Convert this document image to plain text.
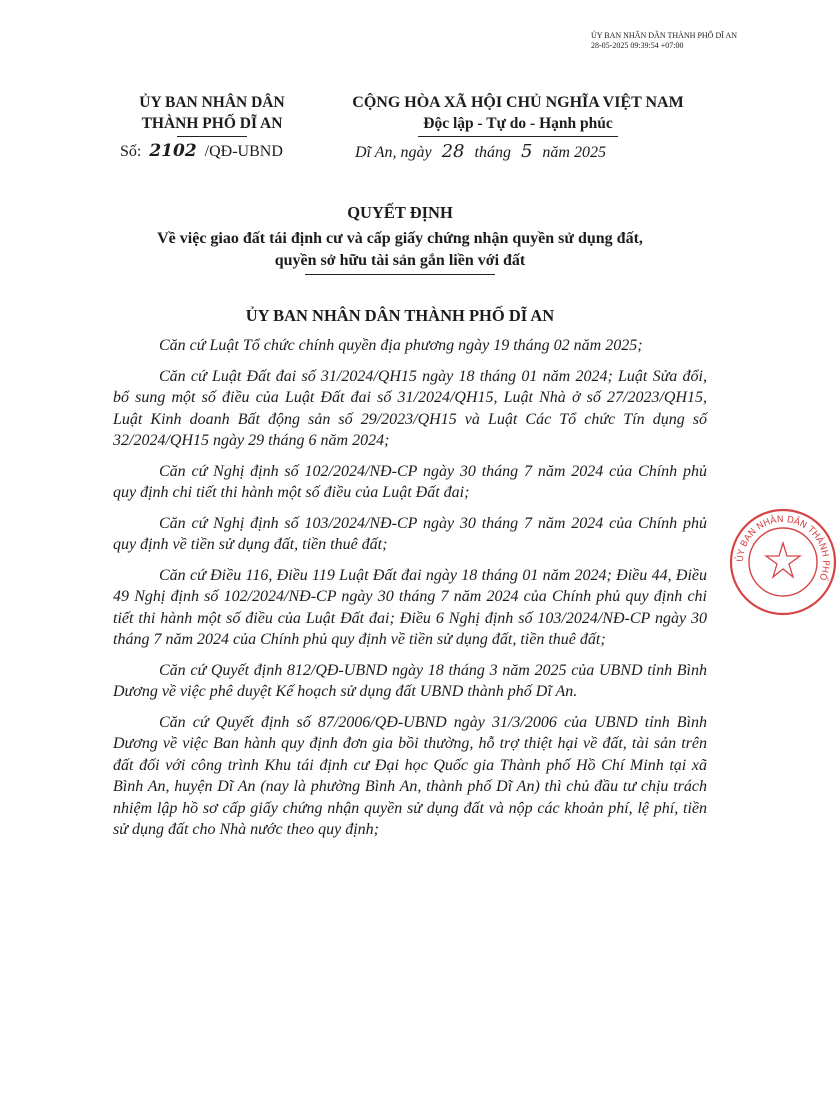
ỦY BAN NHÂN DÂN THÀNH PHỐ DĨ AN
28-05-2025 09:39:54 +07:00
ỦY BAN NHÂN DÂN
THÀNH PHỐ DĨ AN
CỘNG HÒA XÃ HỘI CHỦ NGHĨA VIỆT NAM
Độc lập - Tự do - Hạnh phúc
Số: 2102 /QĐ-UBND	Dĩ An, ngày 28 tháng 5 năm 2025
QUYẾT ĐỊNH
Về việc giao đất tái định cư và cấp giấy chứng nhận quyền sử dụng đất,
quyền sở hữu tài sản gắn liền với đất
ỦY BAN NHÂN DÂN THÀNH PHỐ DĨ AN

Căn cứ Luật Tổ chức chính quyền địa phương ngày 19 tháng 02 năm 2025;

Căn cứ Luật Đất đai số 31/2024/QH15 ngày 18 tháng 01 năm 2024; Luật Sửa đổi, bổ sung một số điều của Luật Đất đai số 31/2024/QH15, Luật Nhà ở số 27/2023/QH15, Luật Kinh doanh Bất động sản số 29/2023/QH15 và Luật Các Tổ chức Tín dụng số 32/2024/QH15 ngày 29 tháng 6 năm 2024;

Căn cứ Nghị định số 102/2024/NĐ-CP ngày 30 tháng 7 năm 2024 của Chính phủ quy định chi tiết thi hành một số điều của Luật Đất đai;

Căn cứ Nghị định số 103/2024/NĐ-CP ngày 30 tháng 7 năm 2024 của Chính phủ quy định về tiền sử dụng đất, tiền thuê đất;

Căn cứ Điều 116, Điều 119 Luật Đất đai ngày 18 tháng 01 năm 2024; Điều 44, Điều 49 Nghị định số 102/2024/NĐ-CP ngày 30 tháng 7 năm 2024 của Chính phủ quy định chi tiết thi hành một số điều của Luật Đất đai; Điều 6 Nghị định số 103/2024/NĐ-CP ngày 30 tháng 7 năm 2024 của Chính phủ quy định về tiền sử dụng đất, tiền thuê đất;

Căn cứ Quyết định 812/QĐ-UBND ngày 18 tháng 3 năm 2025 của UBND tỉnh Bình Dương về việc phê duyệt Kế hoạch sử dụng đất UBND thành phố Dĩ An.

Căn cứ Quyết định số 87/2006/QĐ-UBND ngày 31/3/2006 của UBND tỉnh Bình Dương về việc Ban hành quy định đơn gia bồi thường, hỗ trợ thiệt hại về đất, tài sản trên đất đối với công trình Khu tái định cư Đại học Quốc gia Thành phố Hồ Chí Minh tại xã Bình An, huyện Dĩ An (nay là phường Bình An, thành phố Dĩ An) thì chủ đầu tư chịu trách nhiệm lập hồ sơ cấp giấy chứng nhận quyền sử dụng đất và nộp các khoản phí, lệ phí, tiền sử dụng đất cho Nhà nước theo quy định;

ỦY BAN NHÂN DÂN THÀNH PHỐ
